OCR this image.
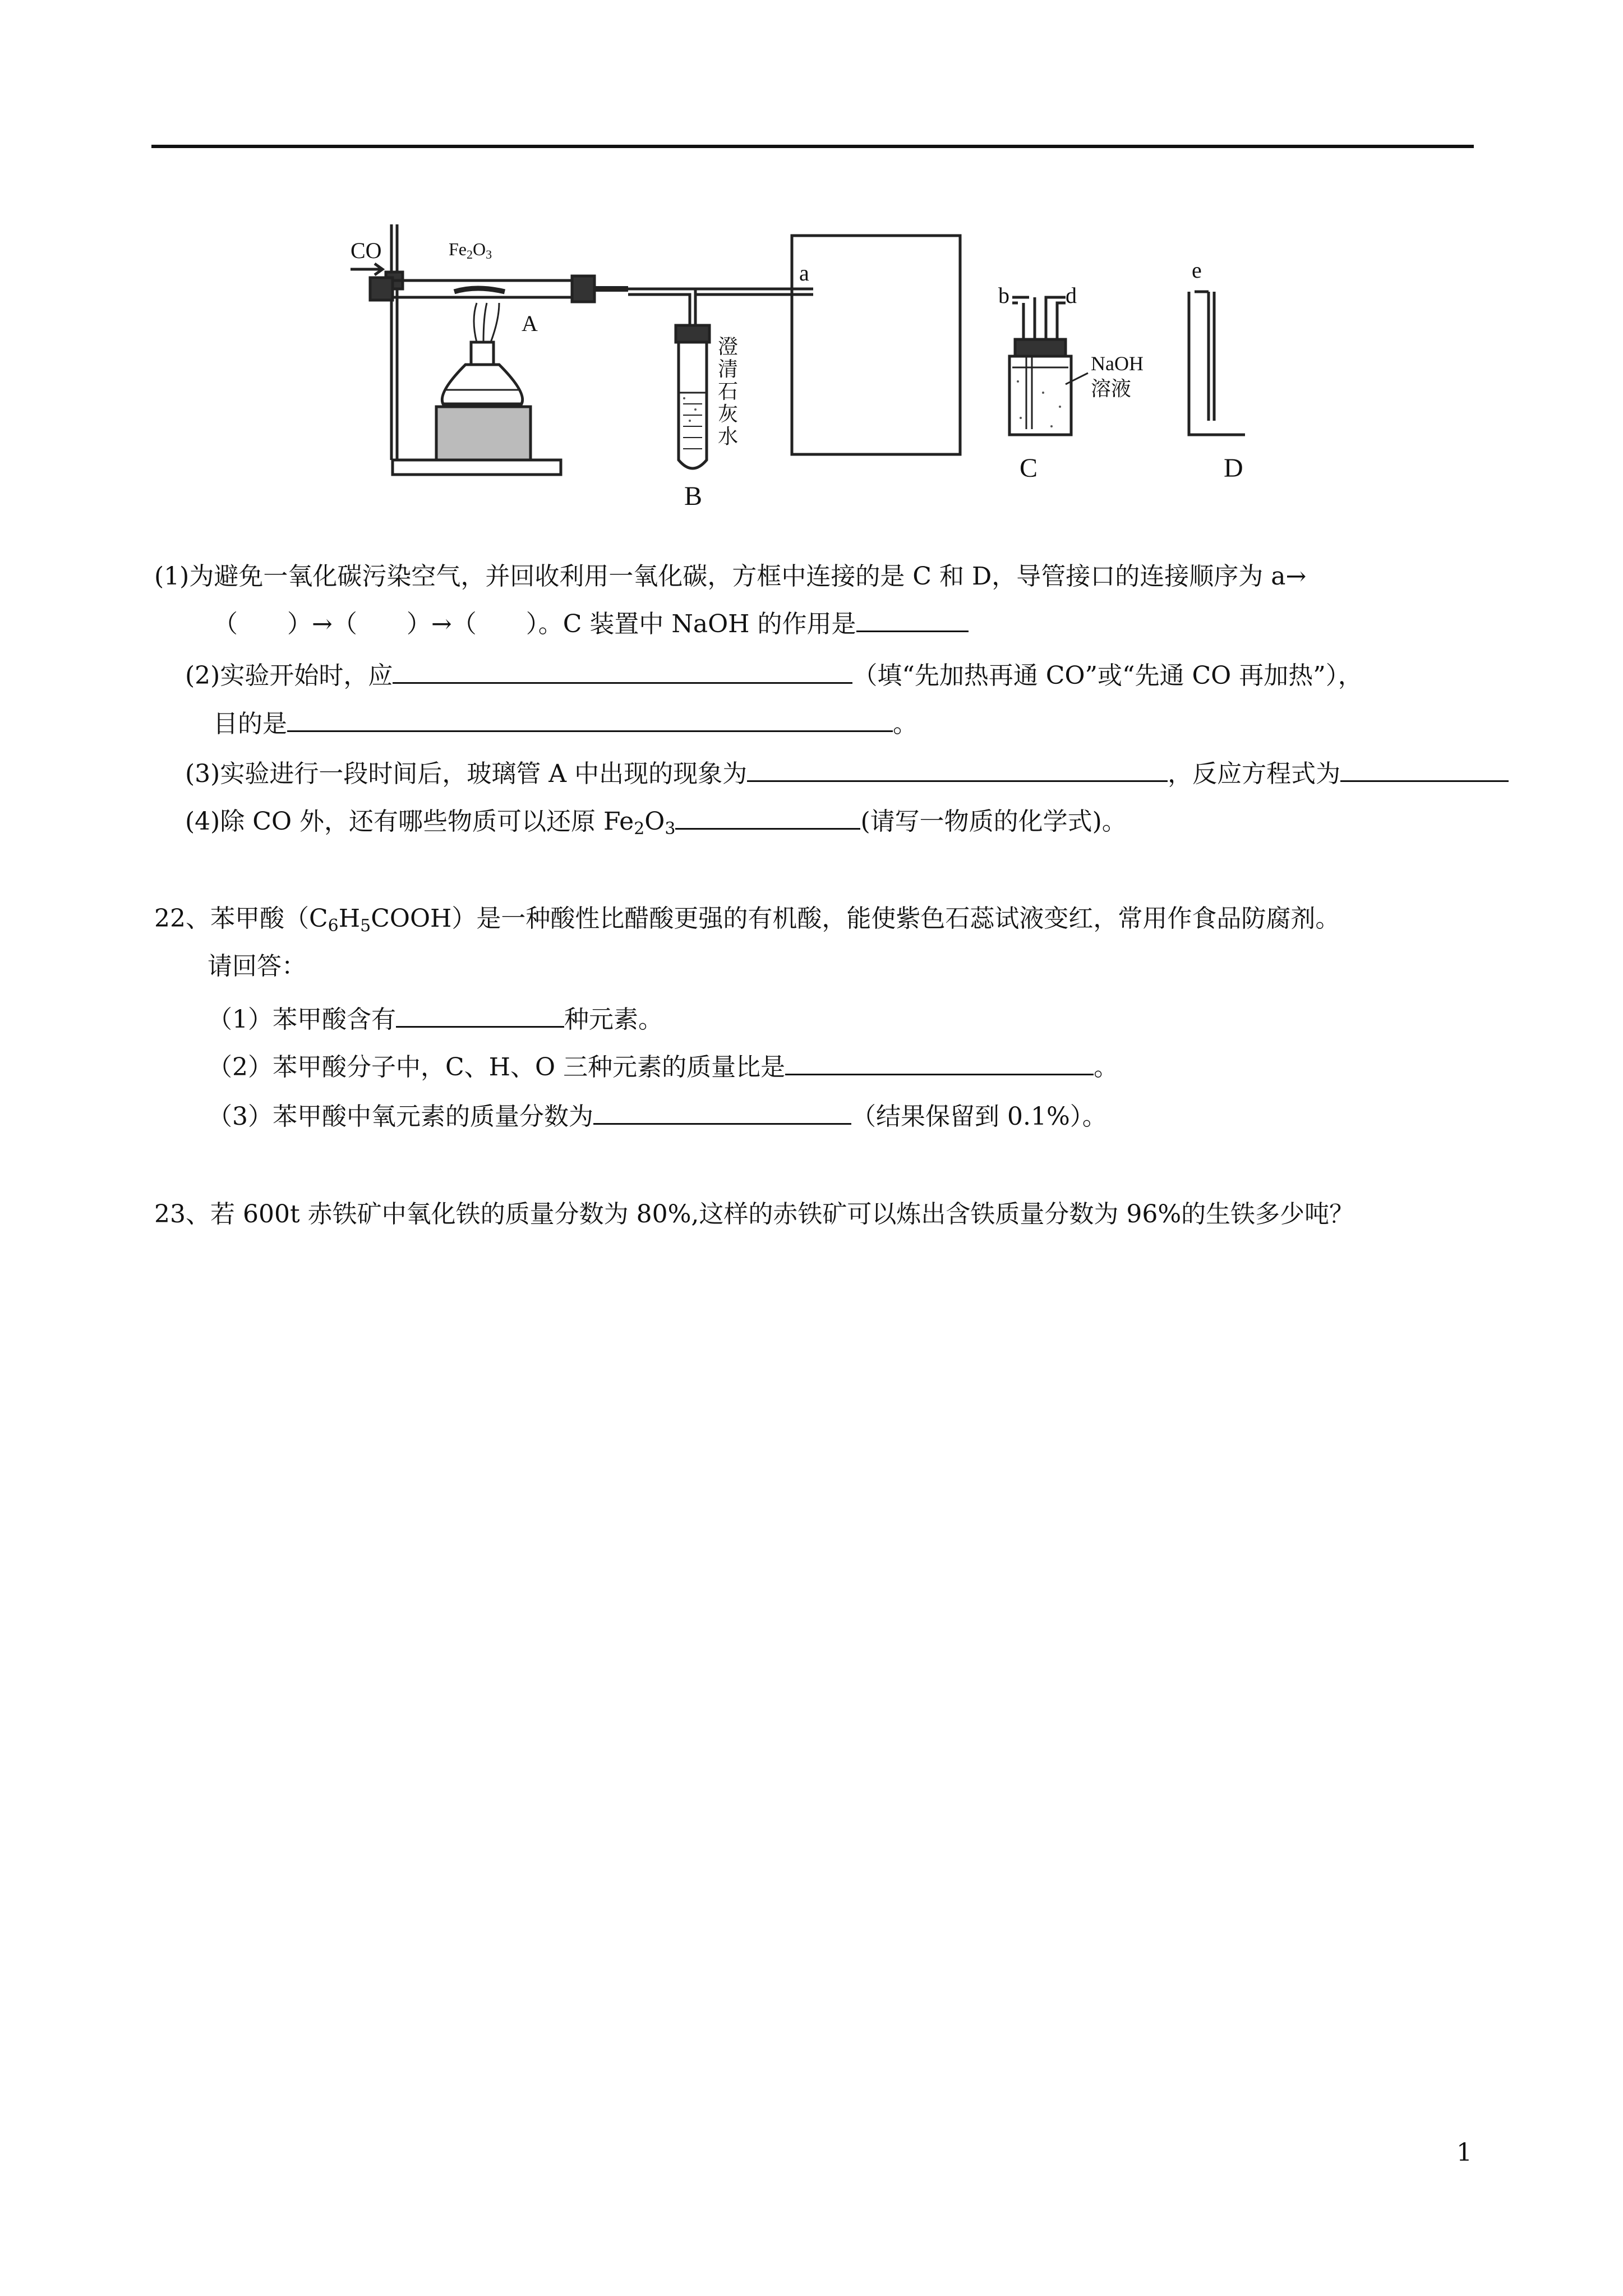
CO	Fe2O3
A
B
a
C	D
b	d
e
NaOH
溶液
澄
清
石
灰
水
(1)为避免一氧化碳污染空气，并回收利用一氧化碳，方框中连接的是 C 和 D，导管接口的连接顺序为 a→
（　　）→（　　）→（　　）。C 装置中 NaOH 的作用是
(2)实验开始时，应	（填“先加热再通 CO”或“先通 CO 再加热”），
目的是	。
(3)实验进行一段时间后，玻璃管 A 中出现的现象为	，反应方程式为
(4)除 CO 外，还有哪些物质可以还原 $Fe_2O_3$	(请写一物质的化学式)。
22、苯甲酸$(C_6H_5COOH)$是一种酸性比醋酸更强的有机酸，能使紫色石蕊试液变红，常用作食品防腐剂。
请回答：
（1）苯甲酸含有	种元素。
（2）苯甲酸分子中，C、H、O 三种元素的质量比是	。
（3）苯甲酸中氧元素的质量分数为	（结果保留到 0.1%）。
23、若 600t 赤铁矿中氧化铁的质量分数为 80%,这样的赤铁矿可以炼出含铁质量分数为 96%的生铁多少吨？
1
